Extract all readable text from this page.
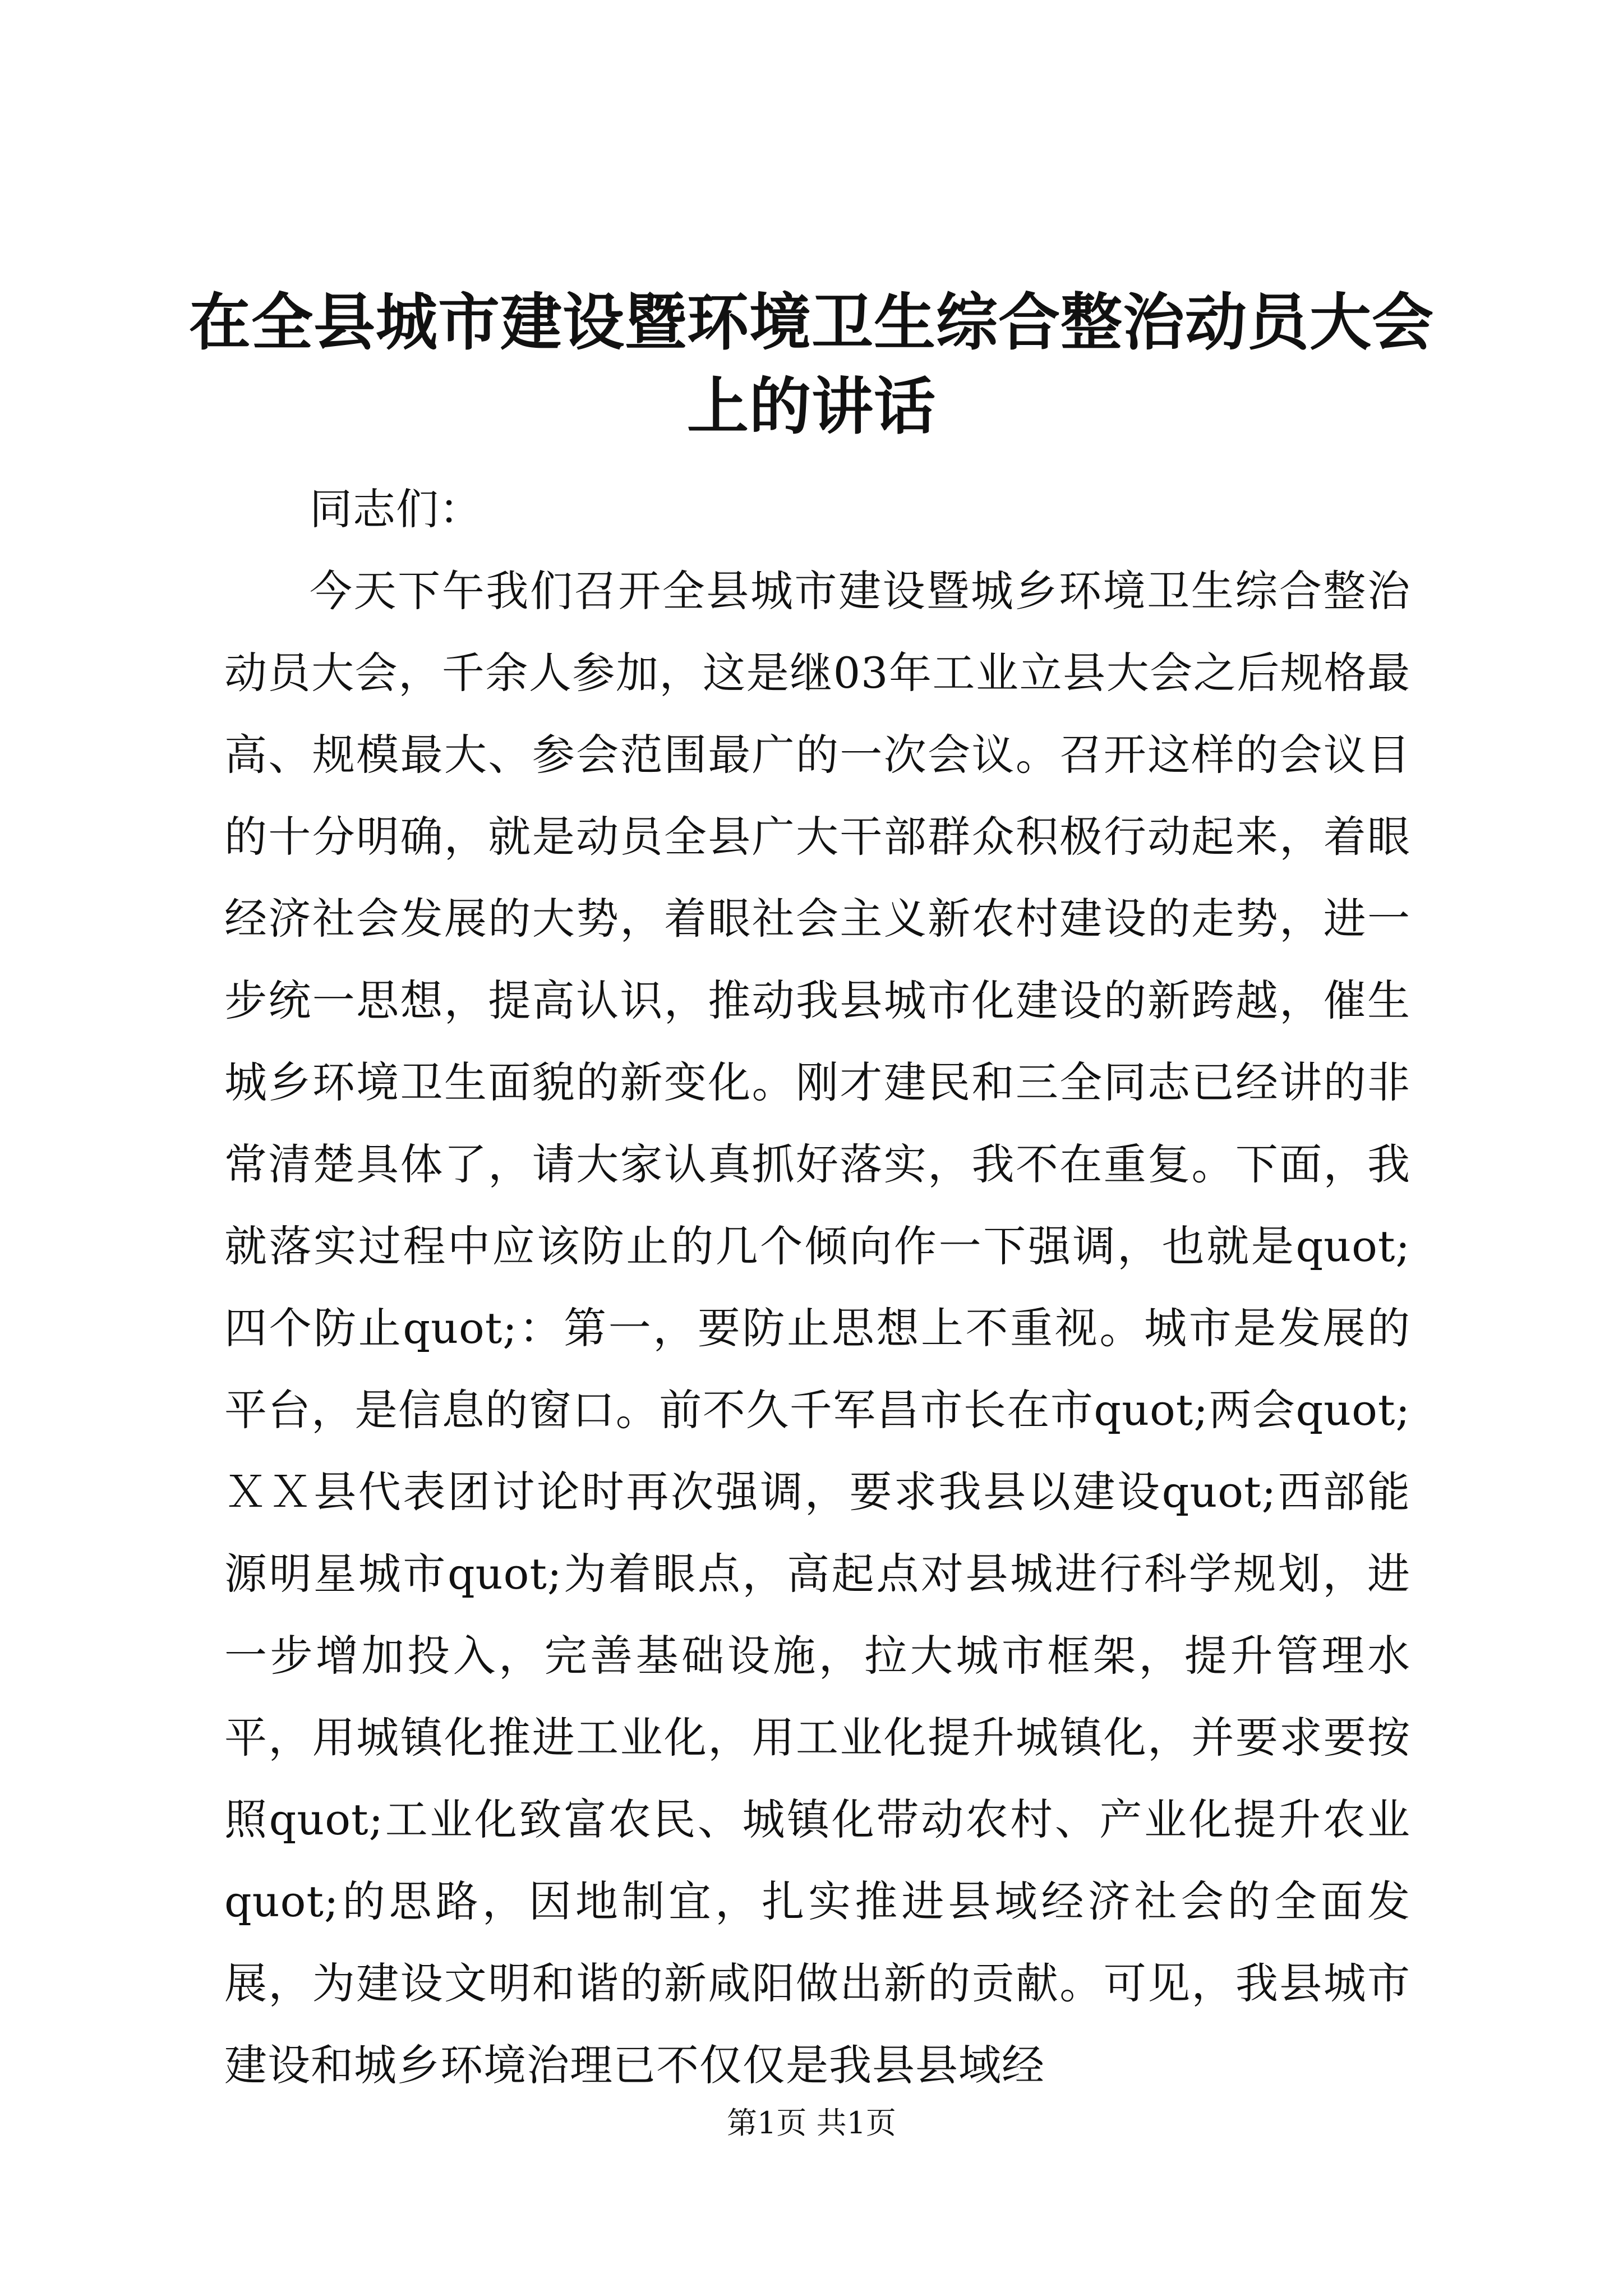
在全县城市建设暨环境卫生综合整治动员大会上的讲话

同志们：

今天下午我们召开全县城市建设暨城乡环境卫生综合整治动员大会，千余人参加，这是继03年工业立县大会之后规格最高、规模最大、参会范围最广的一次会议。召开这样的会议目的十分明确，就是动员全县广大干部群众积极行动起来，着眼经济社会发展的大势，着眼社会主义新农村建设的走势，进一步统一思想，提高认识，推动我县城市化建设的新跨越，催生城乡环境卫生面貌的新变化。刚才建民和三全同志已经讲的非常清楚具体了，请大家认真抓好落实，我不在重复。下面，我就落实过程中应该防止的几个倾向作一下强调，也就是quot;四个防止quot;：第一，要防止思想上不重视。城市是发展的平台，是信息的窗口。前不久千军昌市长在市quot;两会quot;ＸＸ县代表团讨论时再次强调，要求我县以建设quot;西部能源明星城市quot;为着眼点，高起点对县城进行科学规划，进一步增加投入，完善基础设施，拉大城市框架，提升管理水平，用城镇化推进工业化，用工业化提升城镇化，并要求要按照quot;工业化致富农民、城镇化带动农村、产业化提升农业quot;的思路，因地制宜，扎实推进县域经济社会的全面发展，为建设文明和谐的新咸阳做出新的贡献。可见，我县城市建设和城乡环境治理已不仅仅是我县县域经

第1页 共1页
